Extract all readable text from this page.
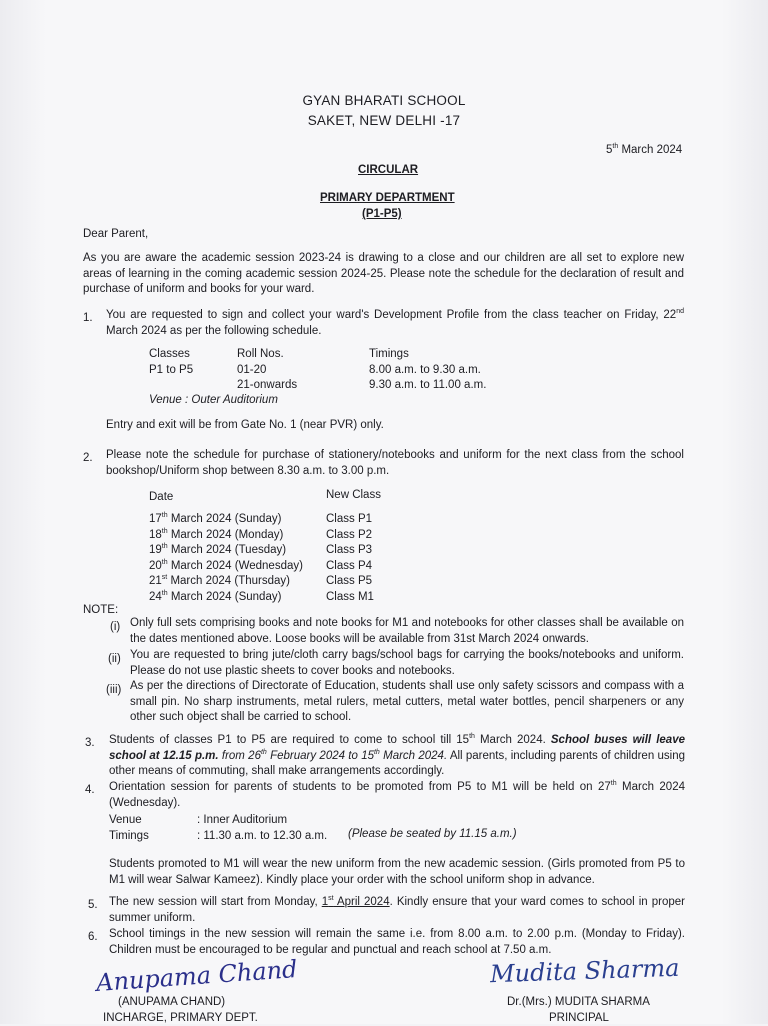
GYAN BHARATI SCHOOL
SAKET, NEW DELHI -17
5th March 2024
CIRCULAR
PRIMARY DEPARTMENT
(P1-P5)
Dear Parent,
As you are aware the academic session 2023-24 is drawing to a close and our children are all set to explore new areas of learning in the coming academic session 2024-25. Please note the schedule for the declaration of result and purchase of uniform and books for your ward.
1. You are requested to sign and collect your ward's Development Profile from the class teacher on Friday, 22nd March 2024 as per the following schedule.
Classes	Roll Nos.	Timings
P1 to P5	01-20	8.00 a.m. to 9.30 a.m.
	21-onwards	9.30 a.m. to 11.00 a.m.
Venue : Outer Auditorium
Entry and exit will be from Gate No. 1 (near PVR) only.
2. Please note the schedule for purchase of stationery/notebooks and uniform for the next class from the school bookshop/Uniform shop between 8.30 a.m. to 3.00 p.m.
Date	New Class
17th March 2024 (Sunday)	Class P1
18th March 2024 (Monday)	Class P2
19th March 2024 (Tuesday)	Class P3
20th March 2024 (Wednesday)	Class P4
21st March 2024 (Thursday)	Class P5
24th March 2024 (Sunday)	Class M1
NOTE:
(i) Only full sets comprising books and note books for M1 and notebooks for other classes shall be available on the dates mentioned above. Loose books will be available from 31st March 2024 onwards.
(ii) You are requested to bring jute/cloth carry bags/school bags for carrying the books/notebooks and uniform. Please do not use plastic sheets to cover books and notebooks.
(iii) As per the directions of Directorate of Education, students shall use only safety scissors and compass with a small pin. No sharp instruments, metal rulers, metal cutters, metal water bottles, pencil sharpeners or any other such object shall be carried to school.
3. Students of classes P1 to P5 are required to come to school till 15th March 2024. School buses will leave school at 12.15 p.m. from 26th February 2024 to 15th March 2024. All parents, including parents of children using other means of commuting, shall make arrangements accordingly.
4. Orientation session for parents of students to be promoted from P5 to M1 will be held on 27th March 2024 (Wednesday).
Venue	: Inner Auditorium
Timings	: 11.30 a.m. to 12.30 a.m. (Please be seated by 11.15 a.m.)
Students promoted to M1 will wear the new uniform from the new academic session. (Girls promoted from P5 to M1 will wear Salwar Kameez). Kindly place your order with the school uniform shop in advance.
5. The new session will start from Monday, 1st April 2024. Kindly ensure that your ward comes to school in proper summer uniform.
6. School timings in the new session will remain the same i.e. from 8.00 a.m. to 2.00 p.m. (Monday to Friday). Children must be encouraged to be regular and punctual and reach school at 7.50 a.m.
Anupama Chand	Mudita Sharma
(ANUPAMA CHAND)
INCHARGE, PRIMARY DEPT.
Dr.(Mrs.) MUDITA SHARMA
PRINCIPAL
